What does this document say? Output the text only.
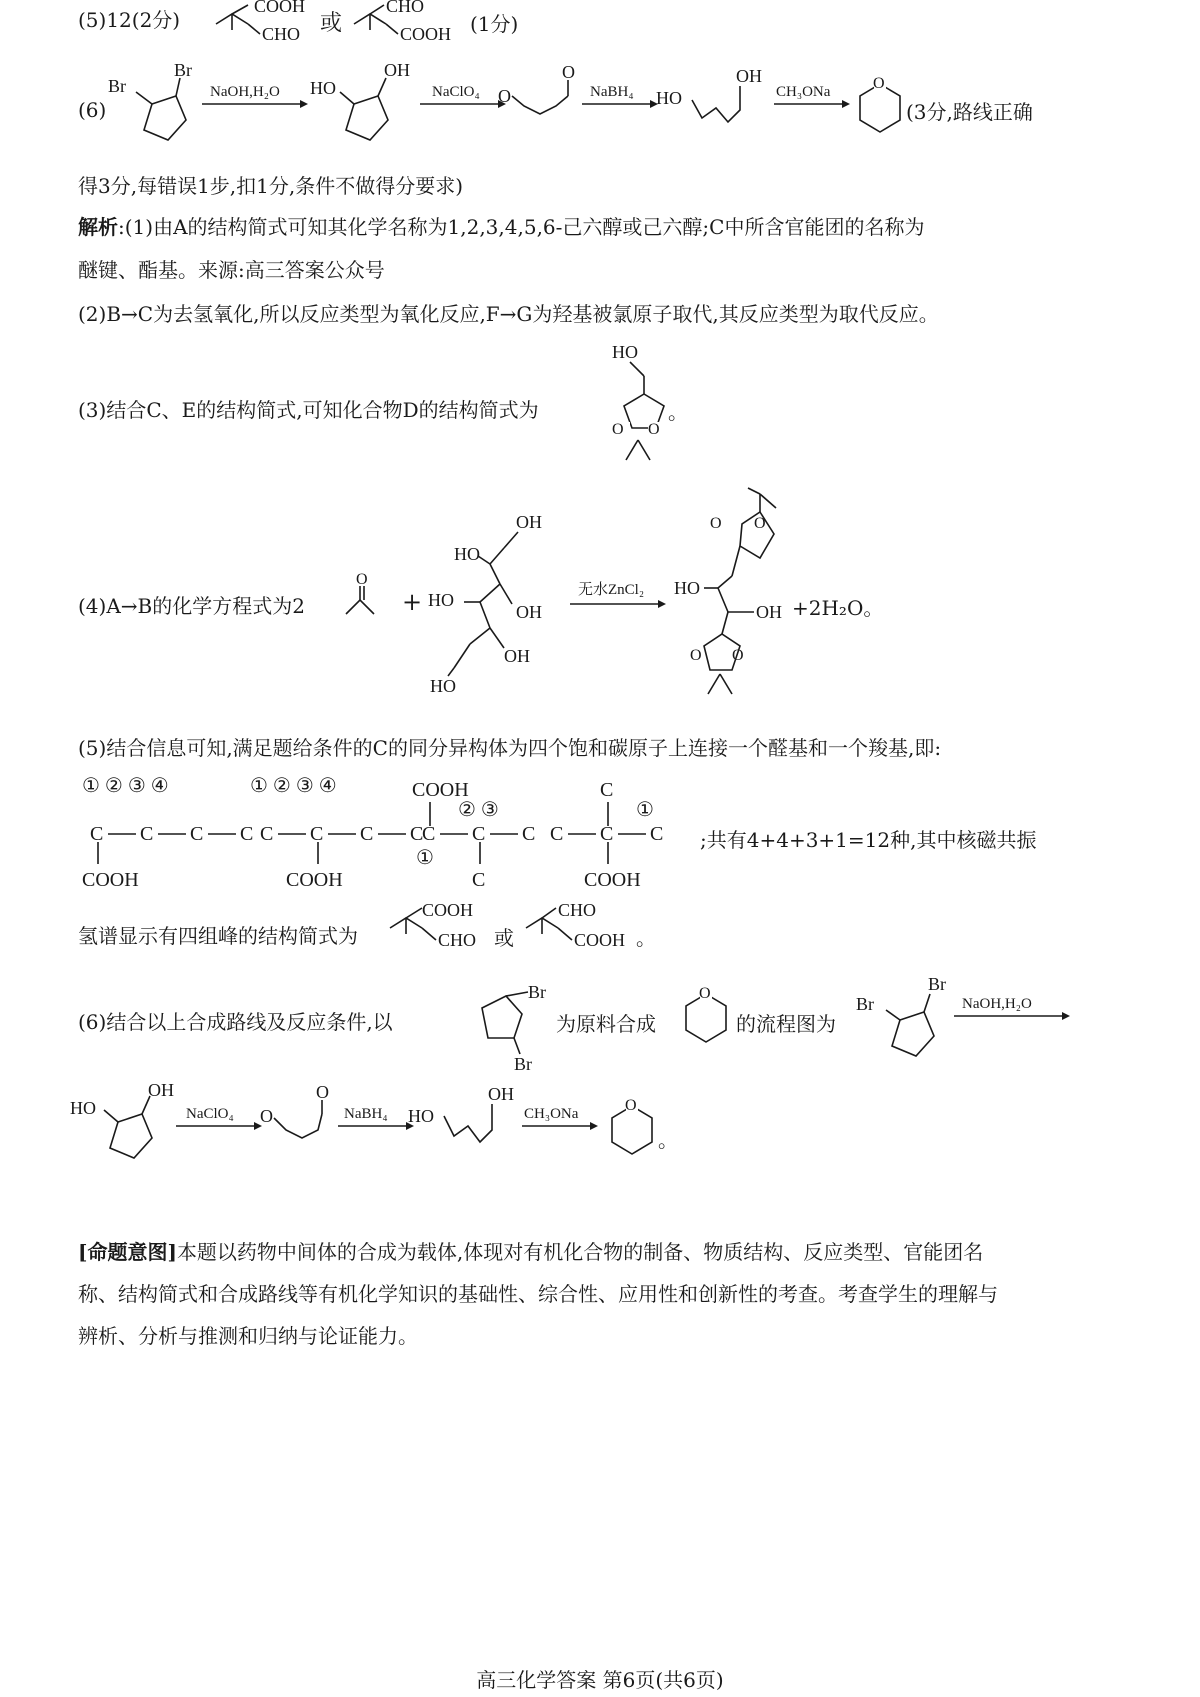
(5)12(2分)
COOH
CHO 或
CHO
COOH (1分)
(6)
Br
Br
NaOH,H₂O HO
OH
NaClO₄ O
O
NaBH₄ HO
OH
CH₃ONa	O
(3分,路线正确
得3分,每错误1步,扣1分,条件不做得分要求)
解析:(1)由A的结构简式可知其化学名称为1,2,3,4,5,6-己六醇或己六醇;C中所含官能团的名称为
醚键、酯基。来源:高三答案公众号
(2)B→C为去氢氧化,所以反应类型为氧化反应,F→G为羟基被氯原子取代,其反应类型为取代反应。
(3)结合C、E的结构简式,可知化合物D的结构简式为
HO
O
O
。
(4)A→B的化学方程式为2
O
+
OH
HO
OH
HO
OH
HO
无水ZnCl₂
O O
HO
OH
O O
+2H₂O。
(5)结合信息可知,满足题给条件的C的同分异构体为四个饱和碳原子上连接一个醛基和一个羧基,即:
① ② ③ ④
C C C C
COOH
① ② ③ ④
C C C C
COOH
COOH
C C C
② ③
①
C
C
C C C
①
COOH
;共有4+4+3+1=12种,其中核磁共振
氢谱显示有四组峰的结构简式为
COOH
CHO 或
CHO
COOH 。
(6)结合以上合成路线及反应条件,以
Br
Br
为原料合成
O
的流程图为
Br
Br
NaOH,H₂O
HO
OH
NaClO₄ O
O
NaBH₄ HO
OH
CH₃ONa	O
。
[命题意图]本题以药物中间体的合成为载体,体现对有机化合物的制备、物质结构、反应类型、官能团名
称、结构简式和合成路线等有机化学知识的基础性、综合性、应用性和创新性的考查。考查学生的理解与
辨析、分析与推测和归纳与论证能力。
高三化学答案 第6页(共6页)
